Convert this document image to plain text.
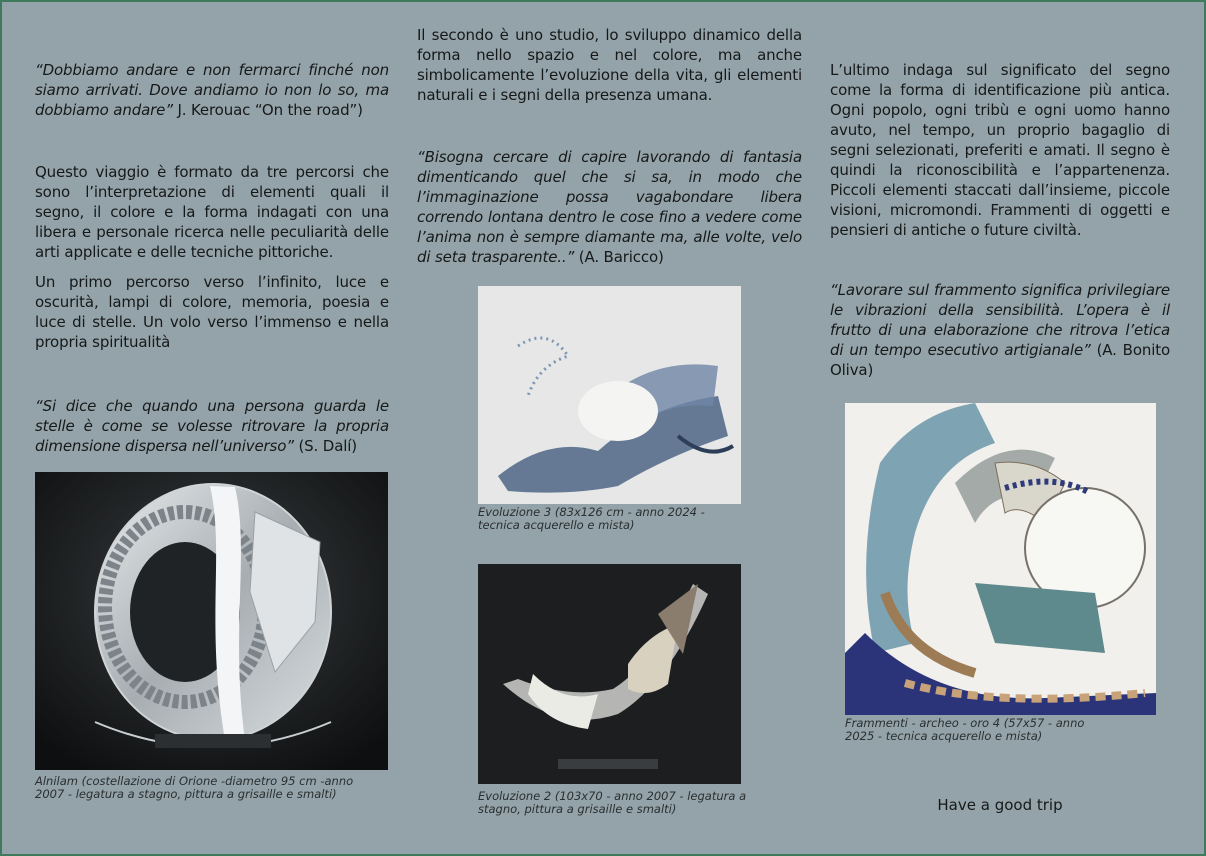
“Dobbiamo andare e non fermarci finché non siamo arrivati. Dove andiamo io non lo so, ma dobbiamo andare” J. Kerouac “On the road”)

Questo viaggio è formato da tre percorsi che sono l’interpretazione di elementi quali il segno, il colore e la forma indagati con una libera e personale ricerca nelle peculiarità delle arti applicate e delle tecniche pittoriche.

Un primo percorso verso l’infinito, luce e oscurità, lampi di colore, memoria, poesia e luce di stelle. Un volo verso l’immenso e nella propria spiritualità

“Si dice che quando una persona guarda le stelle è come se volesse ritrovare la propria dimensione dispersa nell’universo” (S. Dalí)

Alnilam (costellazione di Orione -diametro 95 cm -anno 2007 - legatura a stagno, pittura a grisaille e smalti)

Il secondo è uno studio, lo sviluppo dinamico della forma nello spazio e nel colore, ma anche simbolicamente l’evoluzione della vita, gli elementi naturali e i segni della presenza umana.

“Bisogna cercare di capire lavorando di fantasia dimenticando quel che si sa, in modo che l’immaginazione possa vagabondare libera correndo lontana dentro le cose fino a vedere come l’anima non è sempre diamante ma, alle volte, velo di seta trasparente..” (A. Baricco)

Evoluzione 3 (83x126 cm - anno 2024 - tecnica acquerello e mista)

Evoluzione 2 (103x70 - anno 2007 - legatura a stagno, pittura a grisaille e smalti)

L’ultimo indaga sul significato del segno come la forma di identificazione più antica. Ogni popolo, ogni tribù e ogni uomo hanno avuto, nel tempo, un proprio bagaglio di segni selezionati, preferiti e amati. Il segno è quindi la riconoscibilità e l’appartenenza. Piccoli elementi staccati dall’insieme, piccole visioni, micromondi. Frammenti di oggetti e pensieri di antiche o future civiltà.

“Lavorare sul frammento significa privilegiare le vibrazioni della sensibilità. L’opera è il frutto di una elaborazione che ritrova l’etica di un tempo esecutivo artigianale” (A. Bonito Oliva)

Frammenti - archeo - oro 4 (57x57 - anno 2025 - tecnica acquerello e mista)

Have a good trip
